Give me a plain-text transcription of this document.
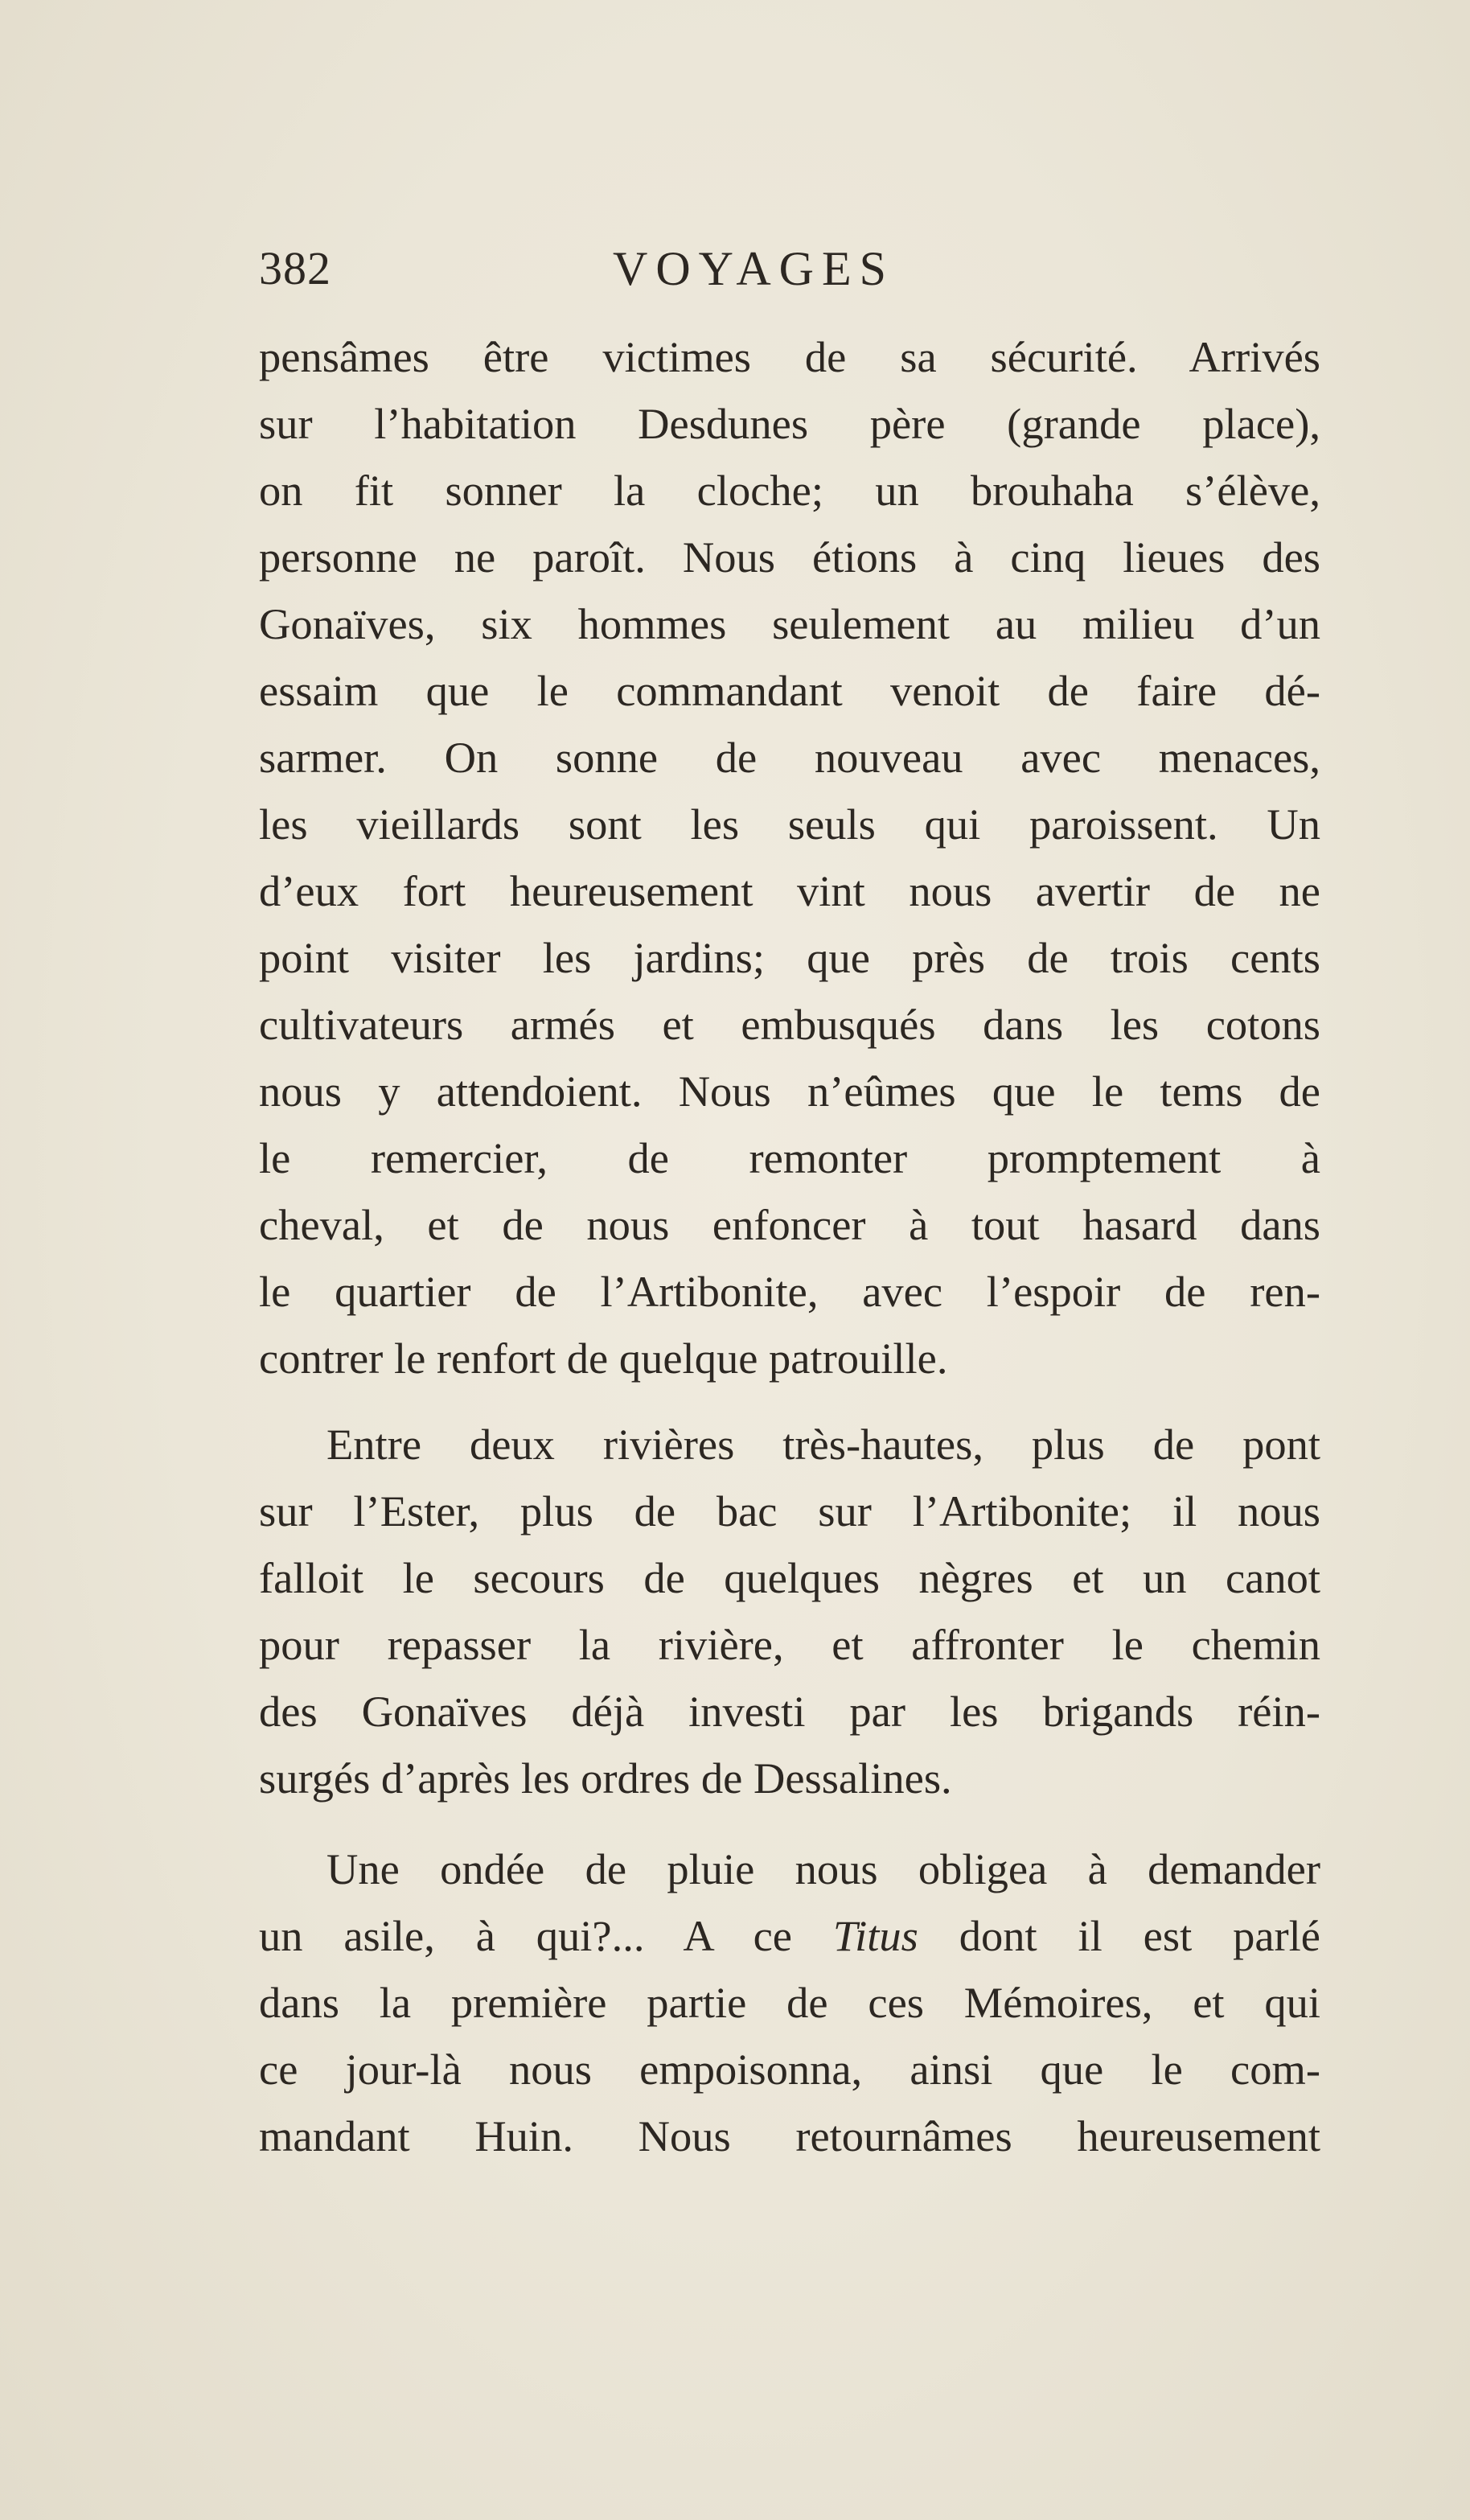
382	VOYAGES
pensâmes être victimes de sa sécurité. Arrivés
sur l’habitation Desdunes père (grande place),
on fit sonner la cloche; un brouhaha s’élève,
personne ne paroît. Nous étions à cinq lieues des
Gonaïves, six hommes seulement au milieu d’un
essaim que le commandant venoit de faire dé-
sarmer. On sonne de nouveau avec menaces,
les vieillards sont les seuls qui paroissent. Un
d’eux fort heureusement vint nous avertir de ne
point visiter les jardins; que près de trois cents
cultivateurs armés et embusqués dans les cotons
nous y attendoient. Nous n’eûmes que le tems de
le remercier, de remonter promptement à
cheval, et de nous enfoncer à tout hasard dans
le quartier de l’Artibonite, avec l’espoir de ren-
contrer le renfort de quelque patrouille.
Entre deux rivières très-hautes, plus de pont
sur l’Ester, plus de bac sur l’Artibonite; il nous
falloit le secours de quelques nègres et un canot
pour repasser la rivière, et affronter le chemin
des Gonaïves déjà investi par les brigands réin-
surgés d’après les ordres de Dessalines.
Une ondée de pluie nous obligea à demander
un asile, à qui?... A ce Titus dont il est parlé
dans la première partie de ces Mémoires, et qui
ce jour-là nous empoisonna, ainsi que le com-
mandant Huin. Nous retournâmes heureusement
